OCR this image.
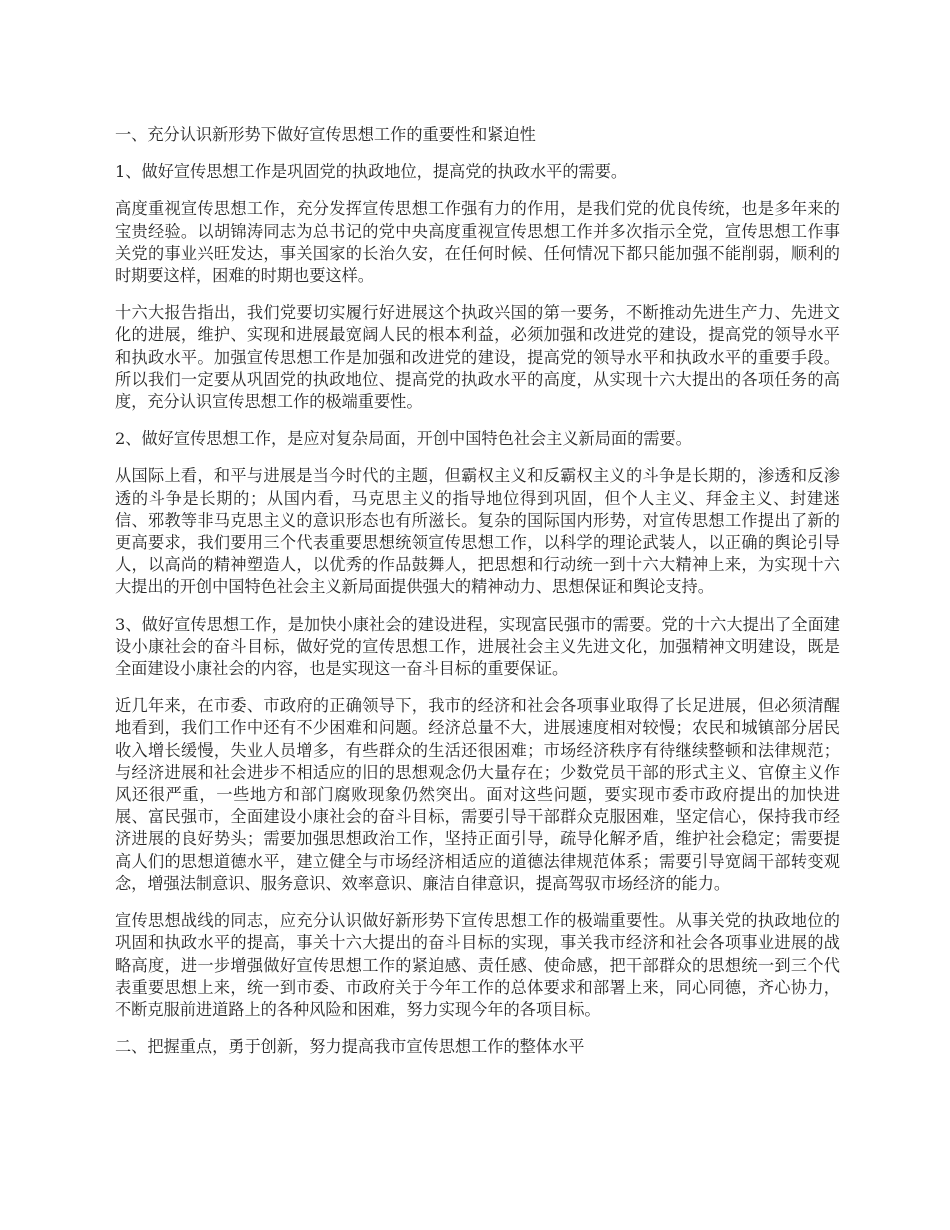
一、充分认识新形势下做好宣传思想工作的重要性和紧迫性

1、做好宣传思想工作是巩固党的执政地位，提高党的执政水平的需要。

高度重视宣传思想工作，充分发挥宣传思想工作强有力的作用，是我们党的优良传统，也是多年来的宝贵经验。以胡锦涛同志为总书记的党中央高度重视宣传思想工作并多次指示全党，宣传思想工作事关党的事业兴旺发达，事关国家的长治久安，在任何时候、任何情况下都只能加强不能削弱，顺利的时期要这样，困难的时期也要这样。

十六大报告指出，我们党要切实履行好进展这个执政兴国的第一要务，不断推动先进生产力、先进文化的进展，维护、实现和进展最宽阔人民的根本利益，必须加强和改进党的建设，提高党的领导水平和执政水平。加强宣传思想工作是加强和改进党的建设，提高党的领导水平和执政水平的重要手段。所以我们一定要从巩固党的执政地位、提高党的执政水平的高度，从实现十六大提出的各项任务的高度，充分认识宣传思想工作的极端重要性。

2、做好宣传思想工作，是应对复杂局面，开创中国特色社会主义新局面的需要。

从国际上看，和平与进展是当今时代的主题，但霸权主义和反霸权主义的斗争是长期的，渗透和反渗透的斗争是长期的；从国内看，马克思主义的指导地位得到巩固，但个人主义、拜金主义、封建迷信、邪教等非马克思主义的意识形态也有所滋长。复杂的国际国内形势，对宣传思想工作提出了新的更高要求，我们要用三个代表重要思想统领宣传思想工作，以科学的理论武装人，以正确的舆论引导人，以高尚的精神塑造人，以优秀的作品鼓舞人，把思想和行动统一到十六大精神上来，为实现十六大提出的开创中国特色社会主义新局面提供强大的精神动力、思想保证和舆论支持。

3、做好宣传思想工作，是加快小康社会的建设进程，实现富民强市的需要。党的十六大提出了全面建设小康社会的奋斗目标，做好党的宣传思想工作，进展社会主义先进文化，加强精神文明建设，既是全面建设小康社会的内容，也是实现这一奋斗目标的重要保证。

近几年来，在市委、市政府的正确领导下，我市的经济和社会各项事业取得了长足进展，但必须清醒地看到，我们工作中还有不少困难和问题。经济总量不大，进展速度相对较慢；农民和城镇部分居民收入增长缓慢，失业人员增多，有些群众的生活还很困难；市场经济秩序有待继续整顿和法律规范；与经济进展和社会进步不相适应的旧的思想观念仍大量存在；少数党员干部的形式主义、官僚主义作风还很严重，一些地方和部门腐败现象仍然突出。面对这些问题，要实现市委市政府提出的加快进展、富民强市，全面建设小康社会的奋斗目标，需要引导干部群众克服困难，坚定信心，保持我市经济进展的良好势头；需要加强思想政治工作，坚持正面引导，疏导化解矛盾，维护社会稳定；需要提高人们的思想道德水平，建立健全与市场经济相适应的道德法律规范体系；需要引导宽阔干部转变观念，增强法制意识、服务意识、效率意识、廉洁自律意识，提高驾驭市场经济的能力。

宣传思想战线的同志，应充分认识做好新形势下宣传思想工作的极端重要性。从事关党的执政地位的巩固和执政水平的提高，事关十六大提出的奋斗目标的实现，事关我市经济和社会各项事业进展的战略高度，进一步增强做好宣传思想工作的紧迫感、责任感、使命感，把干部群众的思想统一到三个代表重要思想上来，统一到市委、市政府关于今年工作的总体要求和部署上来，同心同德，齐心协力，不断克服前进道路上的各种风险和困难，努力实现今年的各项目标。

二、把握重点，勇于创新，努力提高我市宣传思想工作的整体水平
